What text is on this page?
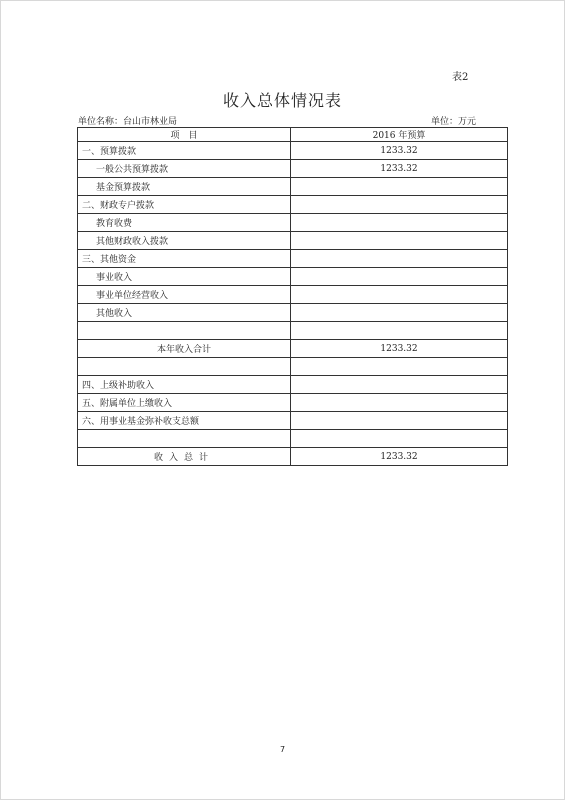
表2
收入总体情况表
单位名称：台山市林业局	单位：万元
项　目	2016 年预算
一、预算拨款	1233.32
一般公共预算拨款	1233.32
基金预算拨款	
二、财政专户拨款	
教育收费	
其他财政收入拨款	
三、其他资金	
事业收入	
事业单位经营收入	
其他收入	

本年收入合计	1233.32

四、上级补助收入	
五、附属单位上缴收入	
六、用事业基金弥补收支总额	

收入总计	1233.32
7
